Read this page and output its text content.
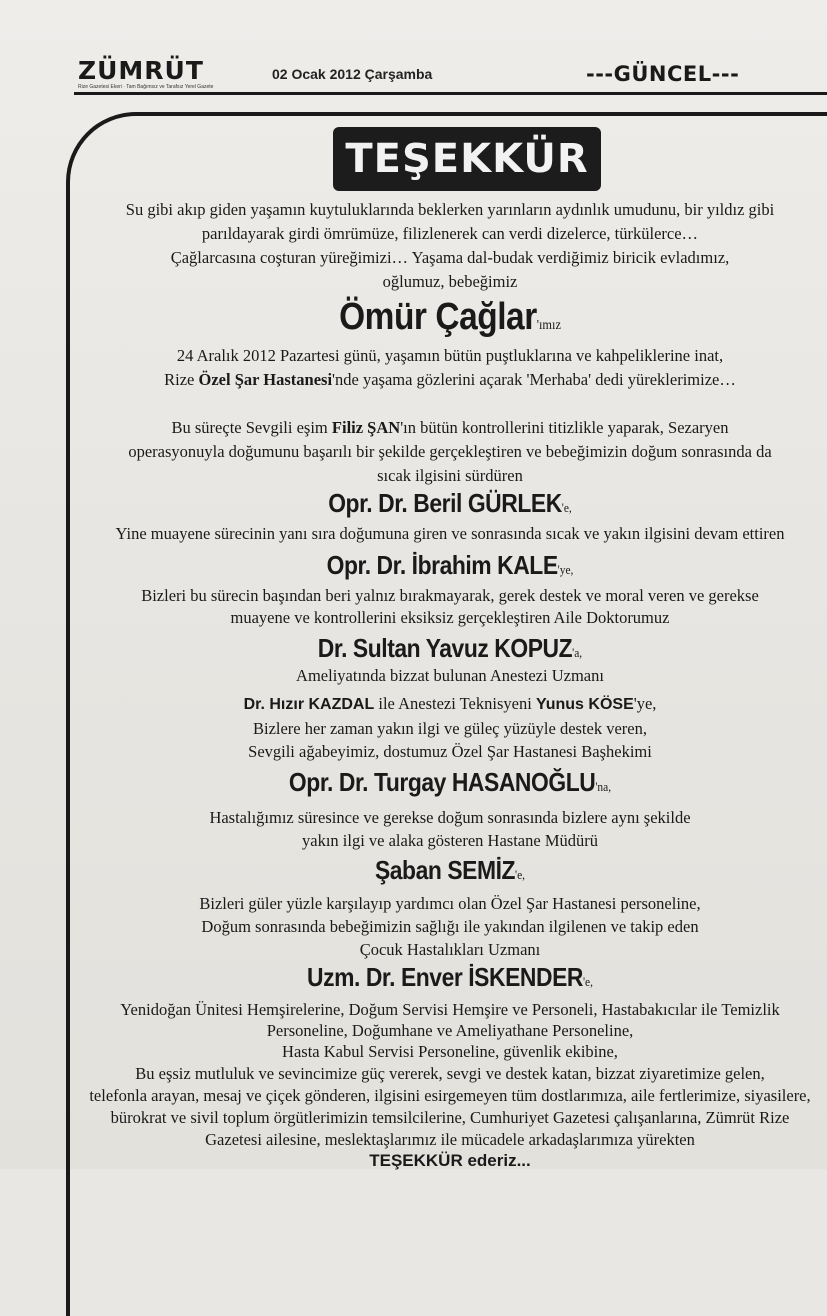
ZÜMRÜT
Rize Gazetesi Ekeri · Tam Bağımsız ve Tarafsız Yerel Gazete
02 Ocak 2012 Çarşamba	---GÜNCEL---
TEŞEKKÜR
Su gibi akıp giden yaşamın kuytuluklarında beklerken yarınların aydınlık umudunu, bir yıldız gibi
parıldayarak girdi ömrümüze, filizlenerek can verdi dizelerce, türkülerce…
Çağlarcasına coşturan yüreğimizi… Yaşama dal-budak verdiğimiz biricik evladımız,
oğlumuz, bebeğimiz
Ömür Çağlar'ımız
24 Aralık 2012 Pazartesi günü, yaşamın bütün puştluklarına ve kahpeliklerine inat,
Rize Özel Şar Hastanesi'nde yaşama gözlerini açarak 'Merhaba' dedi yüreklerimize…
Bu süreçte Sevgili eşim Filiz ŞAN'ın bütün kontrollerini titizlikle yaparak, Sezaryen
operasyonuyla doğumunu başarılı bir şekilde gerçekleştiren ve bebeğimizin doğum sonrasında da
sıcak ilgisini sürdüren
Opr. Dr. Beril GÜRLEK'e,
Yine muayene sürecinin yanı sıra doğumuna giren ve sonrasında sıcak ve yakın ilgisini devam ettiren
Opr. Dr. İbrahim KALE'ye,
Bizleri bu sürecin başından beri yalnız bırakmayarak, gerek destek ve moral veren ve gerekse
muayene ve kontrollerini eksiksiz gerçekleştiren Aile Doktorumuz
Dr. Sultan Yavuz KOPUZ'a,
Ameliyatında bizzat bulunan Anestezi Uzmanı
Dr. Hızır KAZDAL ile Anestezi Teknisyeni Yunus KÖSE'ye,
Bizlere her zaman yakın ilgi ve güleç yüzüyle destek veren,
Sevgili ağabeyimiz, dostumuz Özel Şar Hastanesi Başhekimi
Opr. Dr. Turgay HASANOĞLU'na,
Hastalığımız süresince ve gerekse doğum sonrasında bizlere aynı şekilde
yakın ilgi ve alaka gösteren Hastane Müdürü
Şaban SEMİZ'e,
Bizleri güler yüzle karşılayıp yardımcı olan Özel Şar Hastanesi personeline,
Doğum sonrasında bebeğimizin sağlığı ile yakından ilgilenen ve takip eden
Çocuk Hastalıkları Uzmanı
Uzm. Dr. Enver İSKENDER'e,
Yenidoğan Ünitesi Hemşirelerine, Doğum Servisi Hemşire ve Personeli, Hastabakıcılar ile Temizlik
Personeline, Doğumhane ve Ameliyathane Personeline,
Hasta Kabul Servisi Personeline, güvenlik ekibine,
Bu eşsiz mutluluk ve sevincimize güç vererek, sevgi ve destek katan, bizzat ziyaretimize gelen,
telefonla arayan, mesaj ve çiçek gönderen, ilgisini esirgemeyen tüm dostlarımıza, aile fertlerimize, siyasilere,
bürokrat ve sivil toplum örgütlerimizin temsilcilerine, Cumhuriyet Gazetesi çalışanlarına, Zümrüt Rize
Gazetesi ailesine, meslektaşlarımız ile mücadele arkadaşlarımıza yürekten
TEŞEKKÜR ederiz...
